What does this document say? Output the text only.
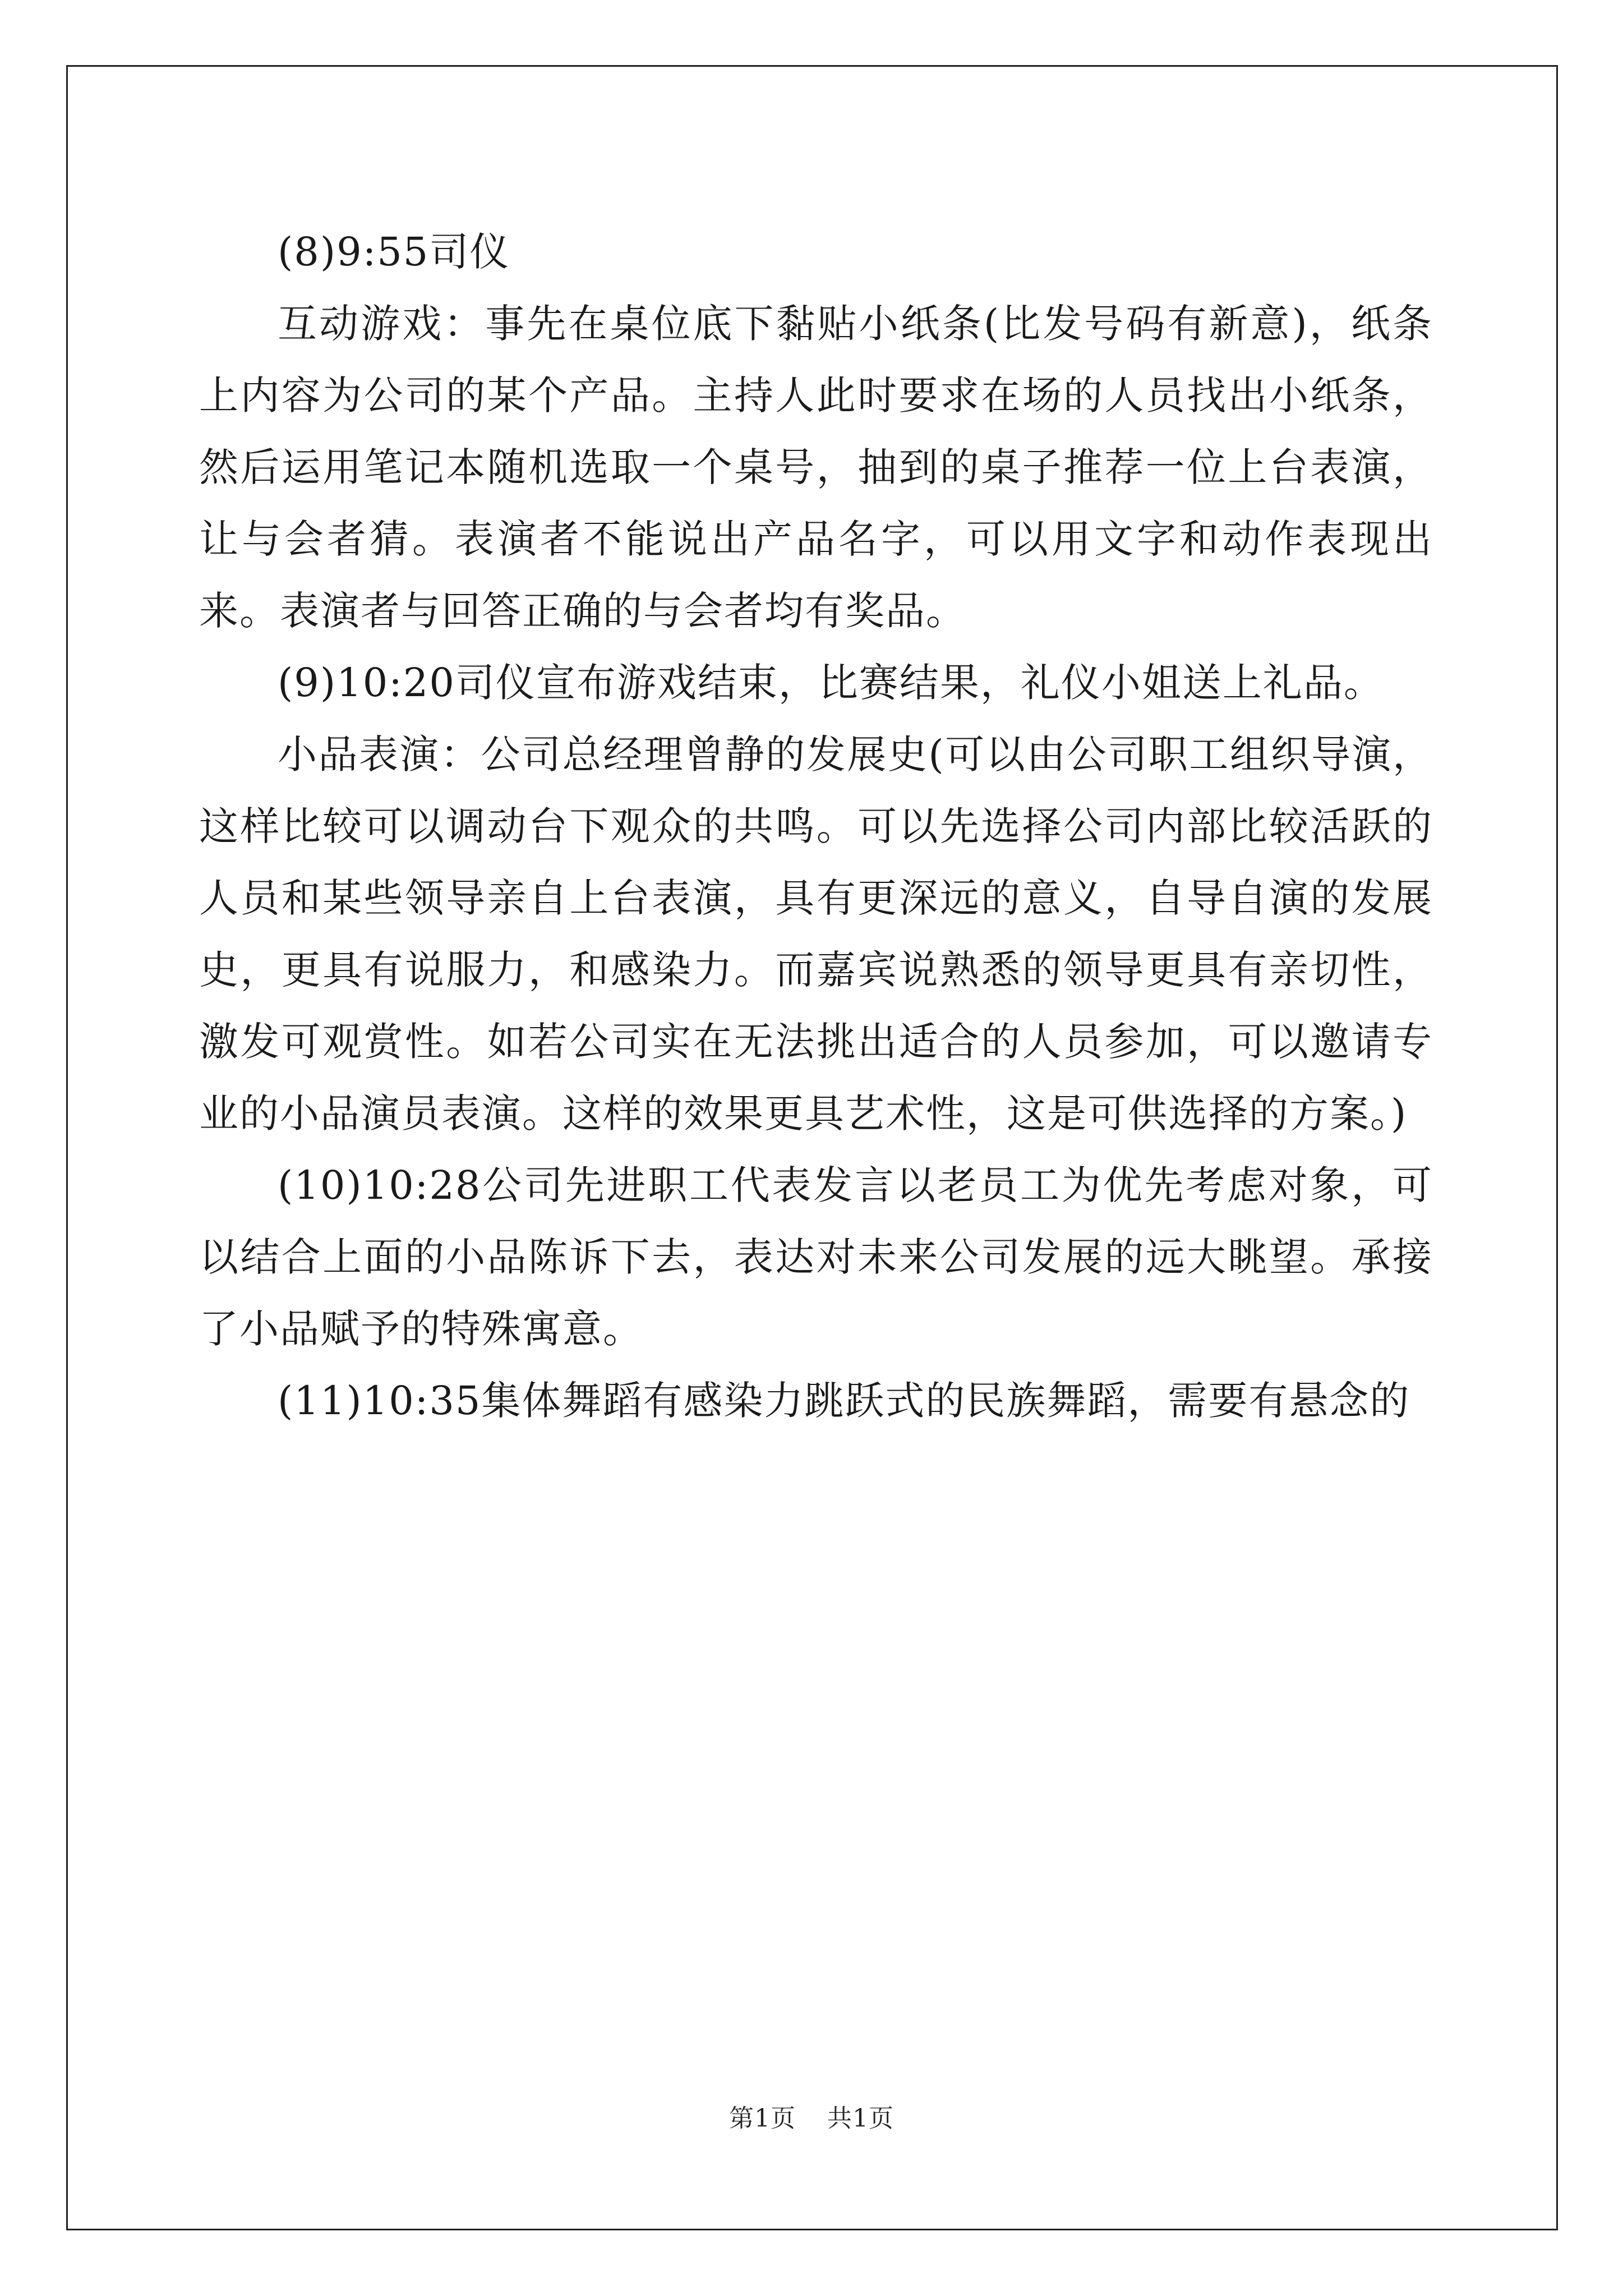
(8)9:55司仪

互动游戏：事先在桌位底下黏贴小纸条(比发号码有新意)，纸条上内容为公司的某个产品。主持人此时要求在场的人员找出小纸条，然后运用笔记本随机选取一个桌号，抽到的桌子推荐一位上台表演，让与会者猜。表演者不能说出产品名字，可以用文字和动作表现出来。表演者与回答正确的与会者均有奖品。

(9)10:20司仪宣布游戏结束，比赛结果，礼仪小姐送上礼品。

小品表演：公司总经理曾静的发展史(可以由公司职工组织导演，这样比较可以调动台下观众的共鸣。可以先选择公司内部比较活跃的人员和某些领导亲自上台表演，具有更深远的意义，自导自演的发展史，更具有说服力，和感染力。而嘉宾说熟悉的领导更具有亲切性，激发可观赏性。如若公司实在无法挑出适合的人员参加，可以邀请专业的小品演员表演。这样的效果更具艺术性，这是可供选择的方案。)

(10)10:28公司先进职工代表发言以老员工为优先考虑对象，可以结合上面的小品陈诉下去，表达对未来公司发展的远大眺望。承接了小品赋予的特殊寓意。

(11)10:35集体舞蹈有感染力跳跃式的民族舞蹈，需要有悬念的

第1页 共1页
